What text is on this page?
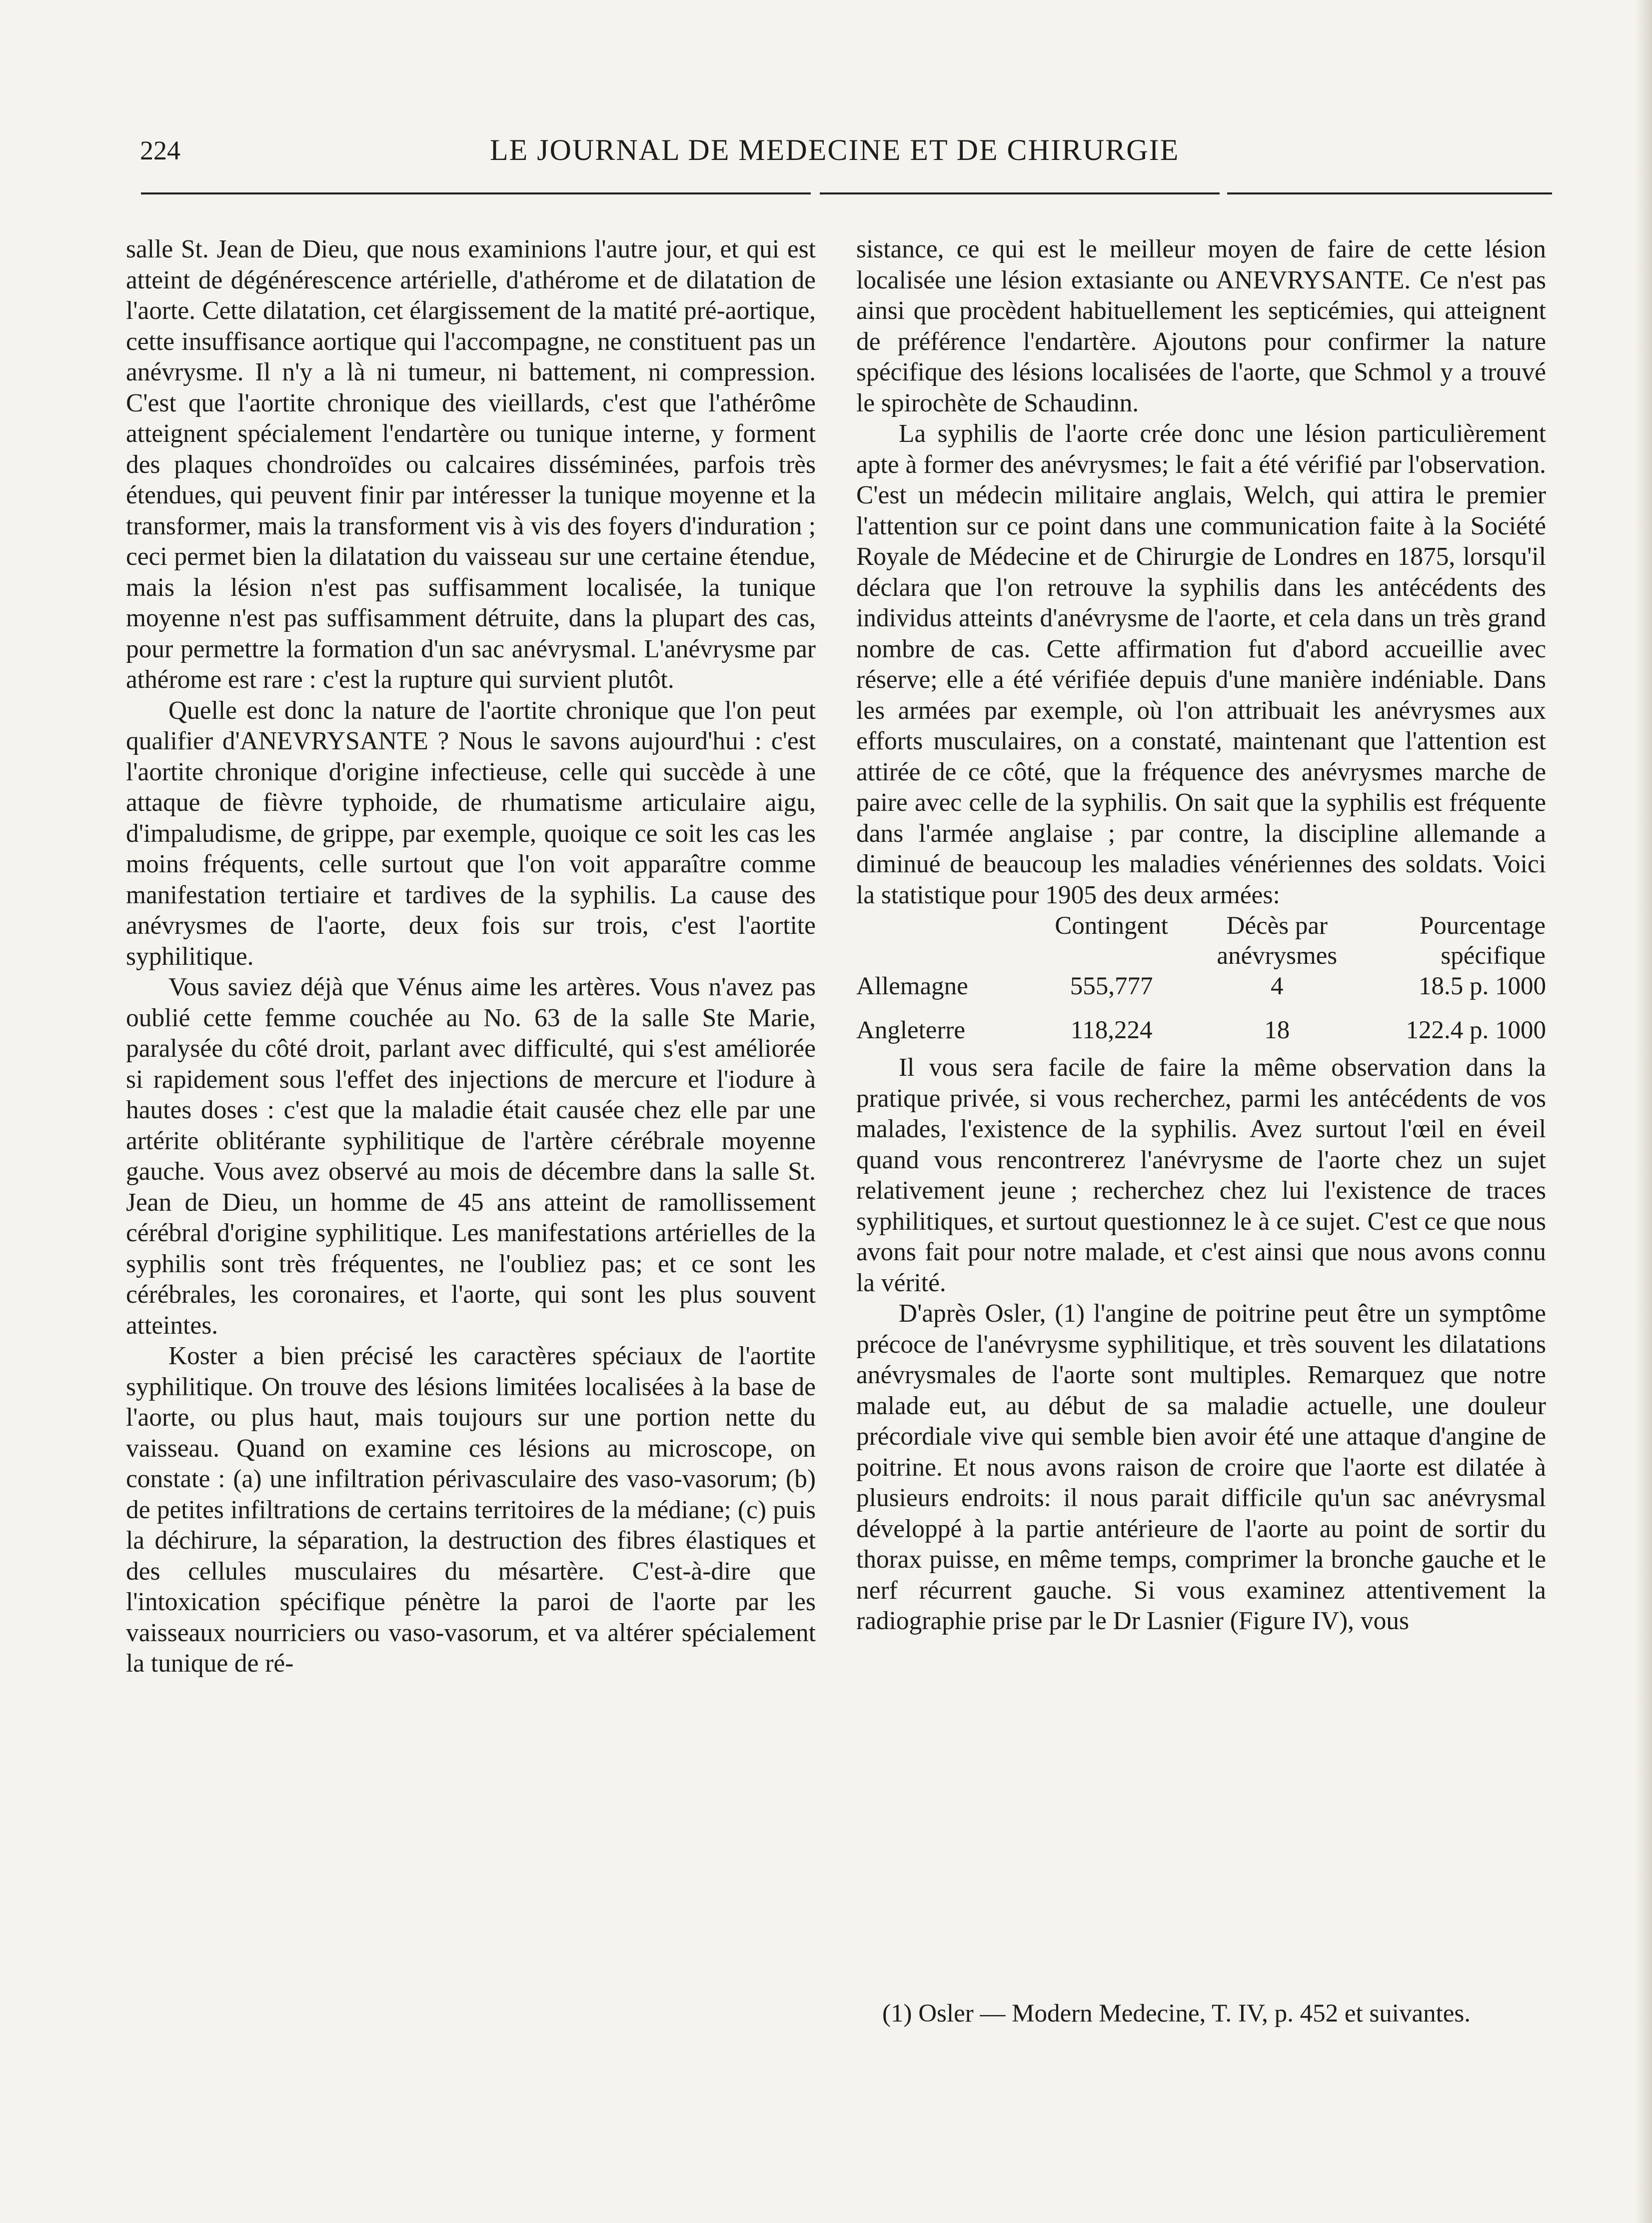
224	LE JOURNAL DE MEDECINE ET DE CHIRURGIE

salle St. Jean de Dieu, que nous examinions l'autre jour, et qui est atteint de dégénérescence artérielle, d'athérome et de dilatation de l'aorte. Cette dilatation, cet élargissement de la matité pré-aortique, cette insuffisance aortique qui l'accompagne, ne constituent pas un anévrysme. Il n'y a là ni tumeur, ni battement, ni compression. C'est que l'aortite chronique des vieillards, c'est que l'athérôme atteignent spécialement l'endartère ou tunique interne, y forment des plaques chondroïdes ou calcaires disséminées, parfois très étendues, qui peuvent finir par intéresser la tunique moyenne et la transformer, mais la transforment vis à vis des foyers d'induration ; ceci permet bien la dilatation du vaisseau sur une certaine étendue, mais la lésion n'est pas suffisamment localisée, la tunique moyenne n'est pas suffisamment détruite, dans la plupart des cas, pour permettre la formation d'un sac anévrysmal. L'anévrysme par athérome est rare : c'est la rupture qui survient plutôt.

Quelle est donc la nature de l'aortite chronique que l'on peut qualifier d'ANEVRYSANTE ? Nous le savons aujourd'hui : c'est l'aortite chronique d'origine infectieuse, celle qui succède à une attaque de fièvre typhoide, de rhumatisme articulaire aigu, d'impaludisme, de grippe, par exemple, quoique ce soit les cas les moins fréquents, celle surtout que l'on voit apparaître comme manifestation tertiaire et tardives de la syphilis. La cause des anévrysmes de l'aorte, deux fois sur trois, c'est l'aortite syphilitique.

Vous saviez déjà que Vénus aime les artères. Vous n'avez pas oublié cette femme couchée au No. 63 de la salle Ste Marie, paralysée du côté droit, parlant avec difficulté, qui s'est améliorée si rapidement sous l'effet des injections de mercure et l'iodure à hautes doses : c'est que la maladie était causée chez elle par une artérite oblitérante syphilitique de l'artère cérébrale moyenne gauche. Vous avez observé au mois de décembre dans la salle St. Jean de Dieu, un homme de 45 ans atteint de ramollissement cérébral d'origine syphilitique. Les manifestations artérielles de la syphilis sont très fréquentes, ne l'oubliez pas; et ce sont les cérébrales, les coronaires, et l'aorte, qui sont les plus souvent atteintes.

Koster a bien précisé les caractères spéciaux de l'aortite syphilitique. On trouve des lésions limitées localisées à la base de l'aorte, ou plus haut, mais toujours sur une portion nette du vaisseau. Quand on examine ces lésions au microscope, on constate : (a) une infiltration périvasculaire des vaso-vasorum; (b) de petites infiltrations de certains territoires de la médiane; (c) puis la déchirure, la séparation, la destruction des fibres élastiques et des cellules musculaires du mésartère. C'est-à-dire que l'intoxication spécifique pénètre la paroi de l'aorte par les vaisseaux nourriciers ou vaso-vasorum, et va altérer spécialement la tunique de ré-

sistance, ce qui est le meilleur moyen de faire de cette lésion localisée une lésion extasiante ou ANEVRYSANTE. Ce n'est pas ainsi que procèdent habituellement les septicémies, qui atteignent de préférence l'endartère. Ajoutons pour confirmer la nature spécifique des lésions localisées de l'aorte, que Schmol y a trouvé le spirochète de Schaudinn.

La syphilis de l'aorte crée donc une lésion particulièrement apte à former des anévrysmes; le fait a été vérifié par l'observation. C'est un médecin militaire anglais, Welch, qui attira le premier l'attention sur ce point dans une communication faite à la Société Royale de Médecine et de Chirurgie de Londres en 1875, lorsqu'il déclara que l'on retrouve la syphilis dans les antécédents des individus atteints d'anévrysme de l'aorte, et cela dans un très grand nombre de cas. Cette affirmation fut d'abord accueillie avec réserve; elle a été vérifiée depuis d'une manière indéniable. Dans les armées par exemple, où l'on attribuait les anévrysmes aux efforts musculaires, on a constaté, maintenant que l'attention est attirée de ce côté, que la fréquence des anévrysmes marche de paire avec celle de la syphilis. On sait que la syphilis est fréquente dans l'armée anglaise ; par contre, la discipline allemande a diminué de beaucoup les maladies vénériennes des soldats. Voici la statistique pour 1905 des deux armées:

	Contingent	Décès par anévrysmes	Pourcentage spécifique
Allemagne	555,777	4	18.5 p. 1000

Angleterre	118,224	18	122.4 p. 1000

Il vous sera facile de faire la même observation dans la pratique privée, si vous recherchez, parmi les antécédents de vos malades, l'existence de la syphilis. Avez surtout l'œil en éveil quand vous rencontrerez l'anévrysme de l'aorte chez un sujet relativement jeune ; recherchez chez lui l'existence de traces syphilitiques, et surtout questionnez le à ce sujet. C'est ce que nous avons fait pour notre malade, et c'est ainsi que nous avons connu la vérité.

D'après Osler, (1) l'angine de poitrine peut être un symptôme précoce de l'anévrysme syphilitique, et très souvent les dilatations anévrysmales de l'aorte sont multiples. Remarquez que notre malade eut, au début de sa maladie actuelle, une douleur précordiale vive qui semble bien avoir été une attaque d'angine de poitrine. Et nous avons raison de croire que l'aorte est dilatée à plusieurs endroits: il nous parait difficile qu'un sac anévrysmal développé à la partie antérieure de l'aorte au point de sortir du thorax puisse, en même temps, comprimer la bronche gauche et le nerf récurrent gauche. Si vous examinez attentivement la radiographie prise par le Dr Lasnier (Figure IV), vous

(1) Osler — Modern Medecine, T. IV, p. 452 et suivantes.
